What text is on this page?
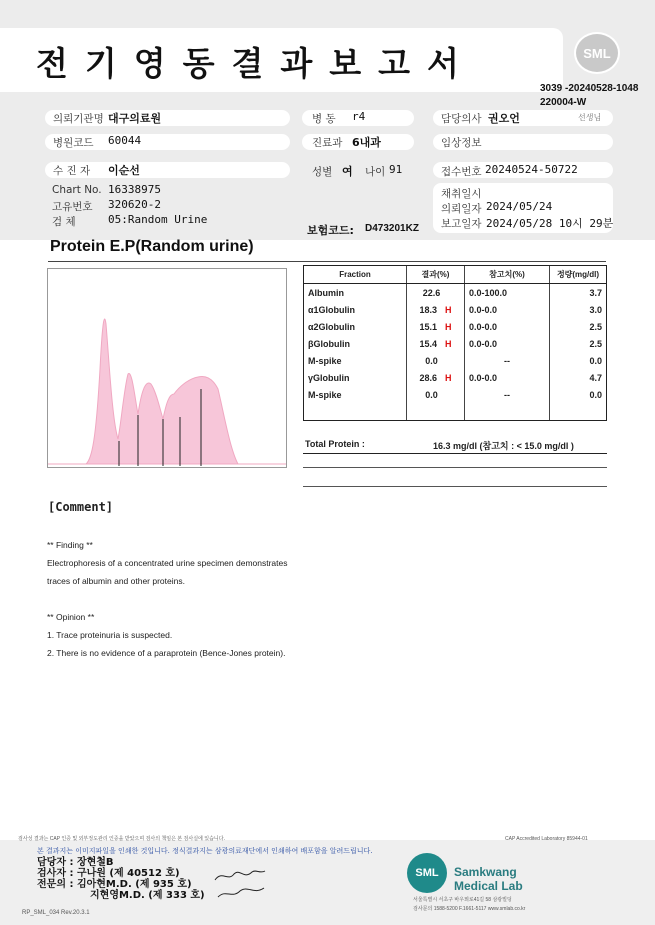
전기영동결과보고서	SML
3039 -20240528-1048
220004-W
의뢰기관명 대구의료원	병 동 r4	담당의사 권오언	선생님
병원코드 60044	진료과 6내과	임상정보
수 진 자 이순선	성별 여 나이 91	접수번호 20240524-50722
Chart No. 16338975
고유번호 320620-2
검 체	05:Random Urine
채취일시
의뢰일자 2024/05/24
보고일자 2024/05/28 10시 29분
보험코드: D473201KZ
Protein E.P(Random urine)
Fraction	결과(%)	참고치(%)	정량(mg/dl)
Albumin	22.6	0.0-100.0	3.7
α1Globulin	18.3 H	0.0-0.0	3.0
α2Globulin	15.1 H	0.0-0.0	2.5
βGlobulin	15.4 H	0.0-0.0	2.5
M-spike	0.0	--	0.0
γGlobulin	28.6 H	0.0-0.0	4.7
M-spike	0.0	--	0.0

Total Protein :	16.3 mg/dl (참고치 : < 15.0 mg/dl )
[Comment]
** Finding **
Electrophoresis of a concentrated urine specimen demonstrates
traces of albumin and other proteins.
** Opinion **
1. Trace proteinuria is suspected.
2. There is no evidence of a paraprotein (Bence-Jones protein).
검사성 결과는 CAP 인증 및 외부정도관리 인증을 받았으며 검사의 책임은 본 검사실에 있습니다.	CAP Accredited Laboratory 85944-01
본 결과지는 이미지파일을 인쇄한 것입니다. 정식결과지는 삼광의료재단에서 인쇄하여 배포함을 알려드립니다.
담당자 : 장현철B
검사자 : 구나원 (제 40512 호)
전문의 : 김아현M.D. (제 935 호)
지현영M.D. (제 333 호)
SML	Samkwang
Medical Lab
서울특별시 서초구 바우뫼로41길 58 삼광빌딩
검사문의 1588-5200 F.1661-5117 www.smlab.co.kr
RP_SML_034 Rev.20.3.1
